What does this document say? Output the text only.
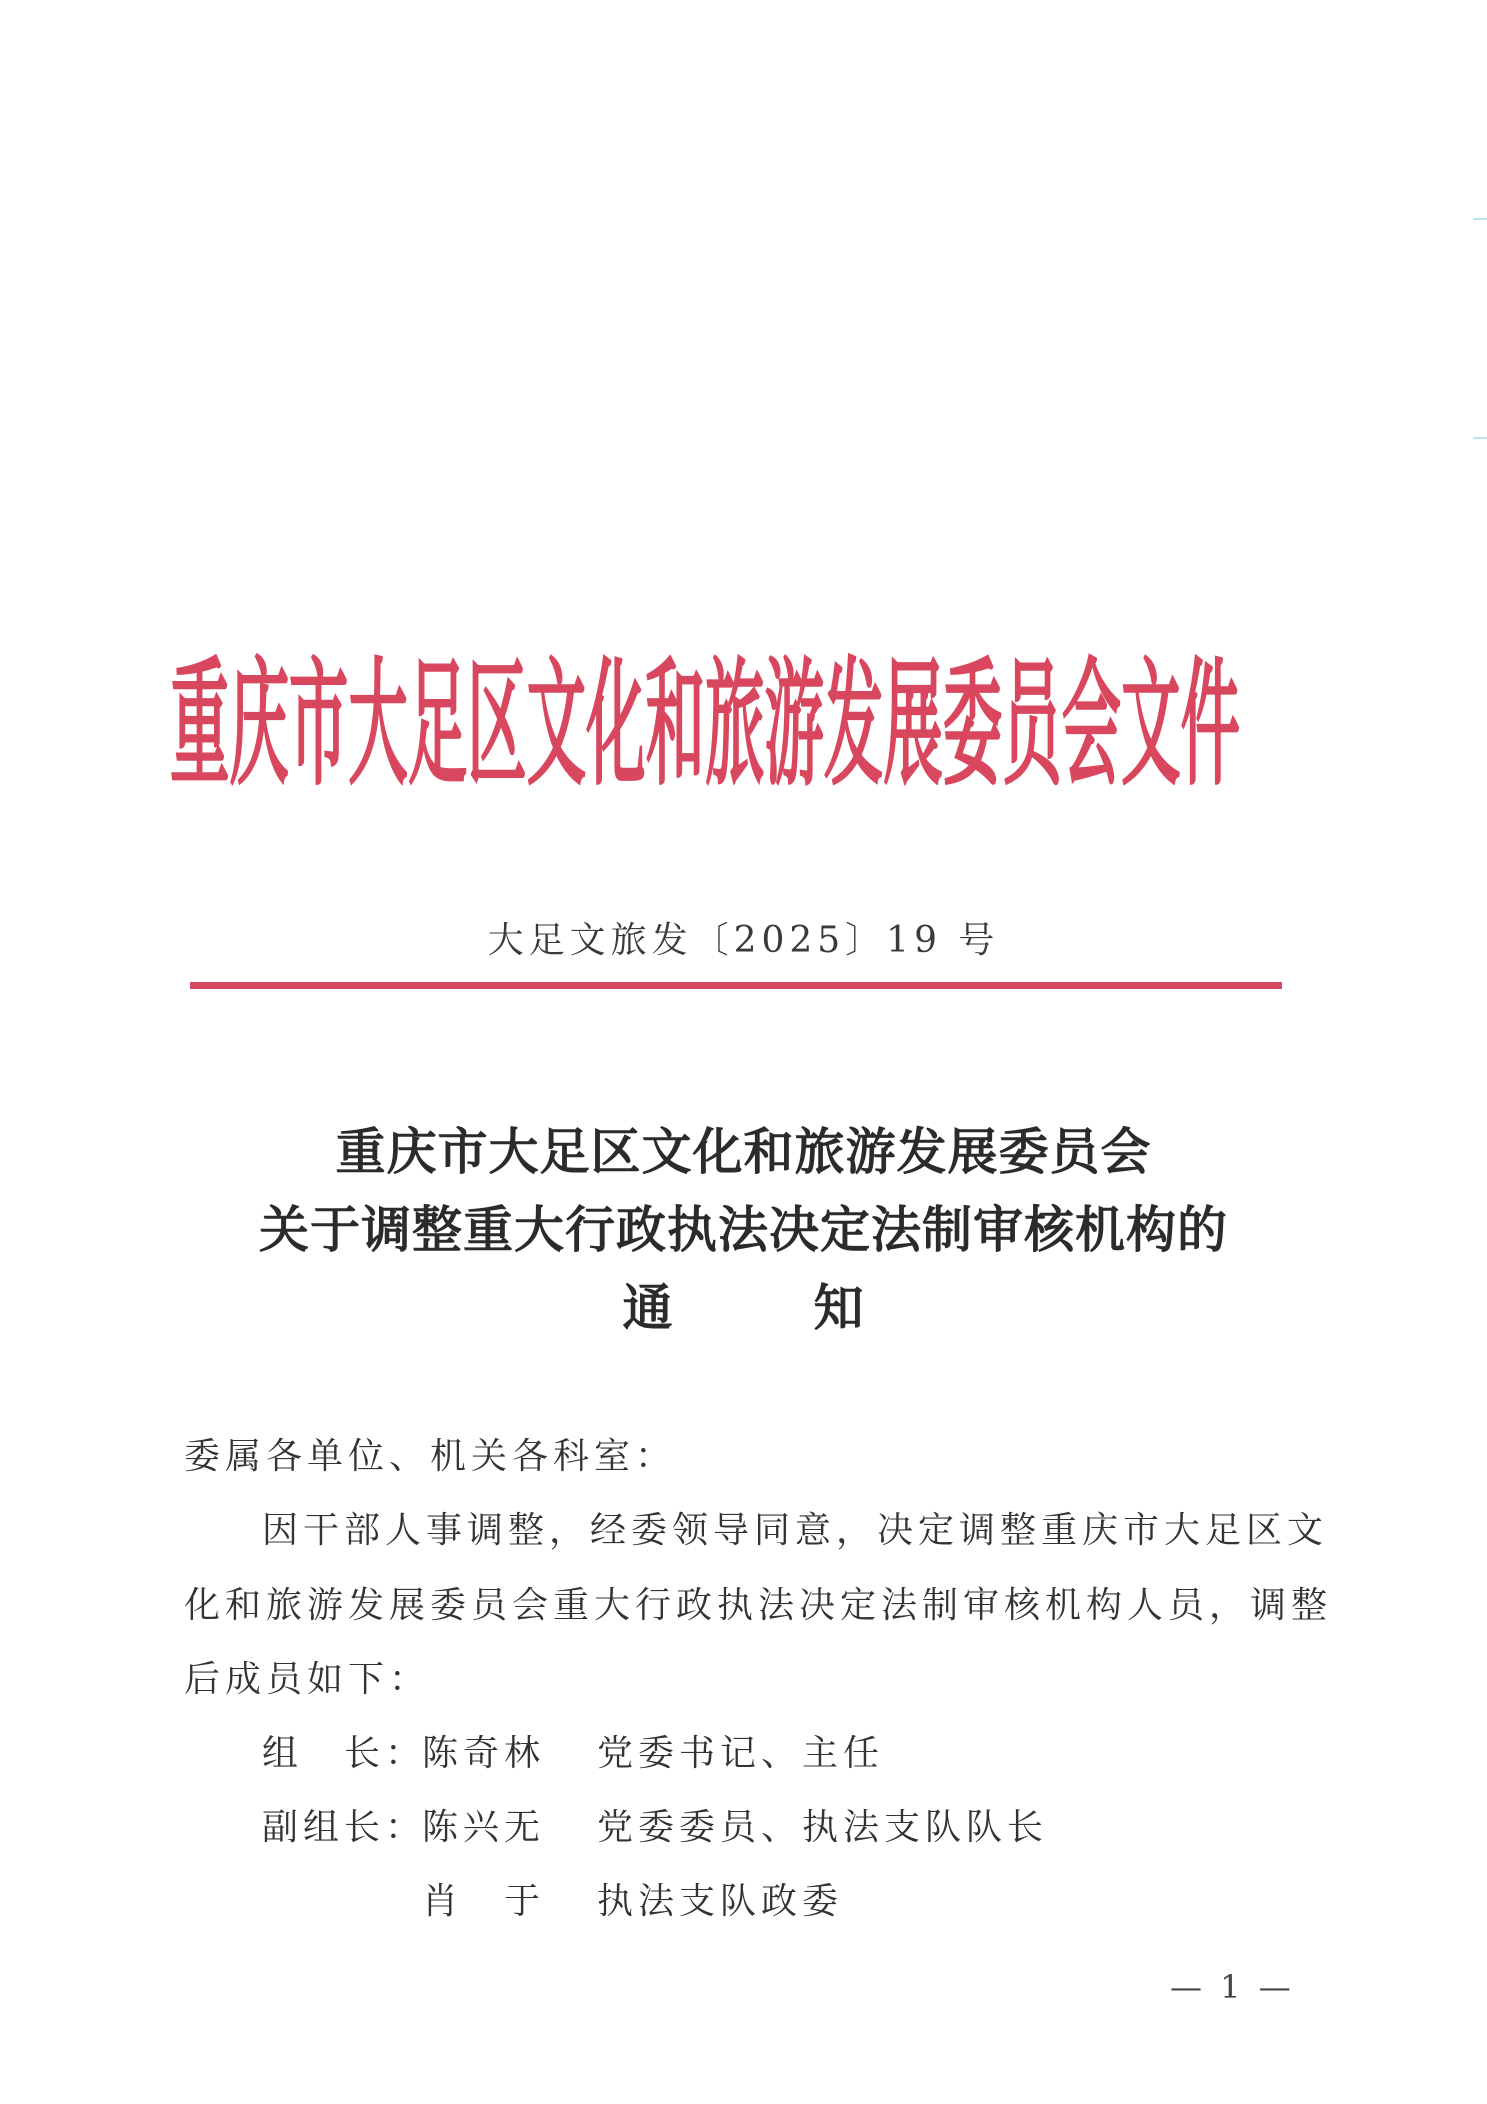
重庆市大足区文化和旅游发展委员会文件
大足文旅发〔2025〕19 号
重庆市大足区文化和旅游发展委员会
关于调整重大行政执法决定法制审核机构的
通	知
委属各单位、机关各科室：
因干部人事调整，经委领导同意，决定调整重庆市大足区文
化和旅游发展委员会重大行政执法决定法制审核机构人员，调整
后成员如下：
组　长：
陈奇林 党委书记、主任
副组长：
陈兴无 党委委员、执法支队队长
肖　于 执法支队政委
— 1 —
